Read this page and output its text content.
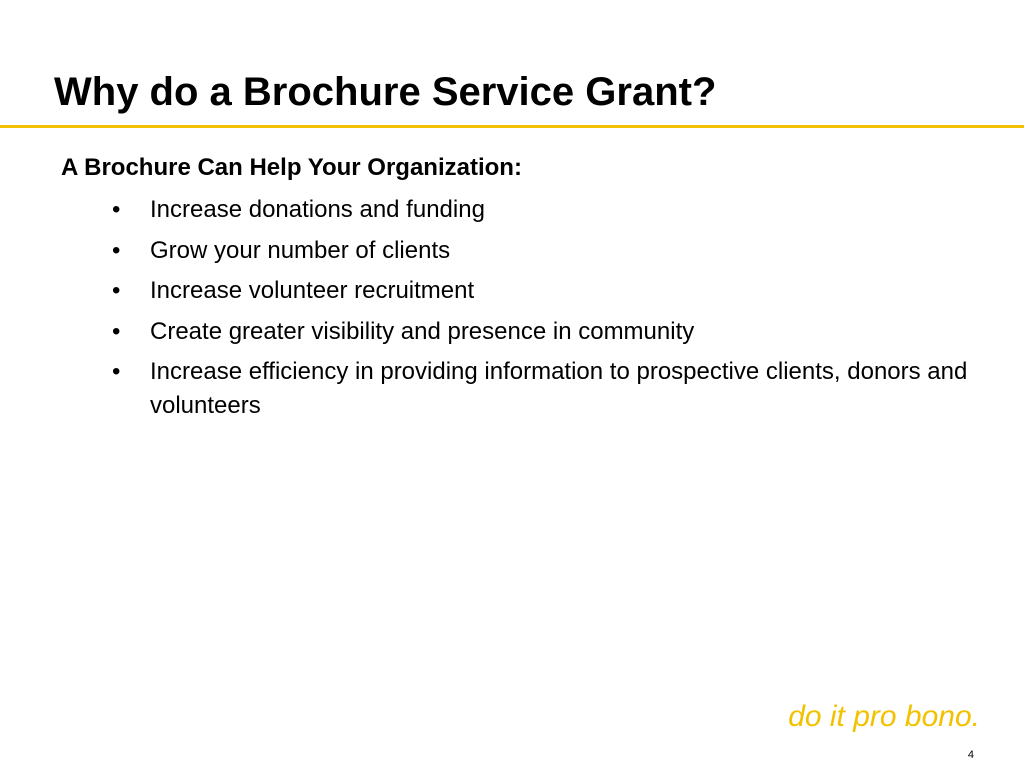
Why do a Brochure Service Grant?
A Brochure Can Help Your Organization:
•	Increase donations and funding
•	Grow your number of clients
•	Increase volunteer recruitment
•	Create greater visibility and presence in community
•	Increase efficiency in providing information to prospective clients, donors and volunteers
do it pro bono.
4
